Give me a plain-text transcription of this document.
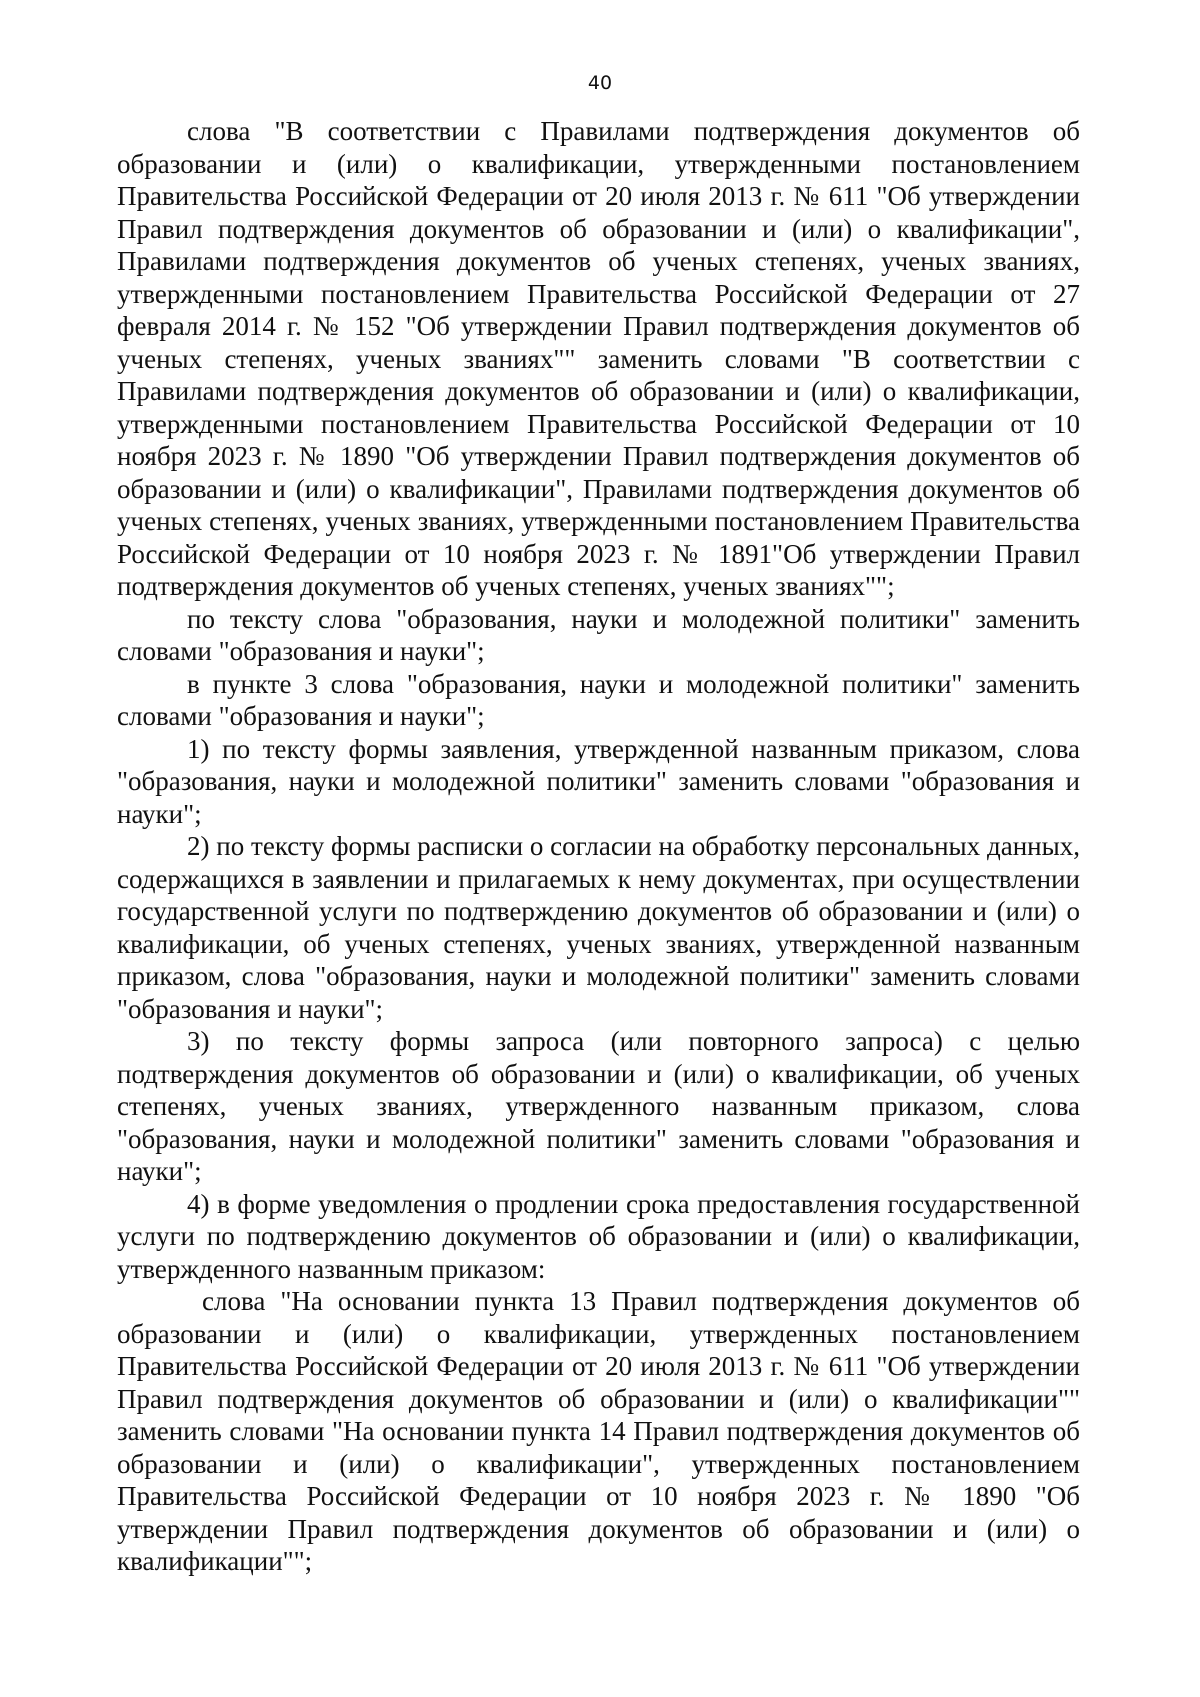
40

слова "В соответствии с Правилами подтверждения документов об образовании и (или) о квалификации, утвержденными постановлением Правительства Российской Федерации от 20 июля 2013 г. № 611 "Об утверждении Правил подтверждения документов об образовании и (или) о квалификации", Правилами подтверждения документов об ученых степенях, ученых званиях, утвержденными постановлением Правительства Российской Федерации от 27 февраля 2014 г. № 152 "Об утверждении Правил подтверждения документов об ученых степенях, ученых званиях"" заменить словами "В соответствии с Правилами подтверждения документов об образовании и (или) о квалификации, утвержденными постановлением Правительства Российской Федерации от 10 ноября 2023 г. № 1890 "Об утверждении Правил подтверждения документов об образовании и (или) о квалификации", Правилами подтверждения документов об ученых степенях, ученых званиях, утвержденными постановлением Правительства Российской Федерации от 10 ноября 2023 г. № 1891"Об утверждении Правил подтверждения документов об ученых степенях, ученых званиях"";

по тексту слова "образования, науки и молодежной политики" заменить словами "образования и науки";

в пункте 3 слова "образования, науки и молодежной политики" заменить словами "образования и науки";

1) по тексту формы заявления, утвержденной названным приказом, слова "образования, науки и молодежной политики" заменить словами "образования и науки";

2) по тексту формы расписки о согласии на обработку персональных данных, содержащихся в заявлении и прилагаемых к нему документах, при осуществлении государственной услуги по подтверждению документов об образовании и (или) о квалификации, об ученых степенях, ученых званиях, утвержденной названным приказом, слова "образования, науки и молодежной политики" заменить словами "образования и науки";

3) по тексту формы запроса (или повторного запроса) с целью подтверждения документов об образовании и (или) о квалификации, об ученых степенях, ученых званиях, утвержденного названным приказом, слова "образования, науки и молодежной политики" заменить словами "образования и науки";

4) в форме уведомления о продлении срока предоставления государственной услуги по подтверждению документов об образовании и (или) о квалификации, утвержденного названным приказом:

слова "На основании пункта 13 Правил подтверждения документов об образовании и (или) о квалификации, утвержденных постановлением Правительства Российской Федерации от 20 июля 2013 г. № 611 "Об утверждении Правил подтверждения документов об образовании и (или) о квалификации"" заменить словами "На основании пункта 14 Правил подтверждения документов об образовании и (или) о квалификации", утвержденных постановлением Правительства Российской Федерации от 10 ноября 2023 г. № 1890 "Об утверждении Правил подтверждения документов об образовании и (или) о квалификации"";
